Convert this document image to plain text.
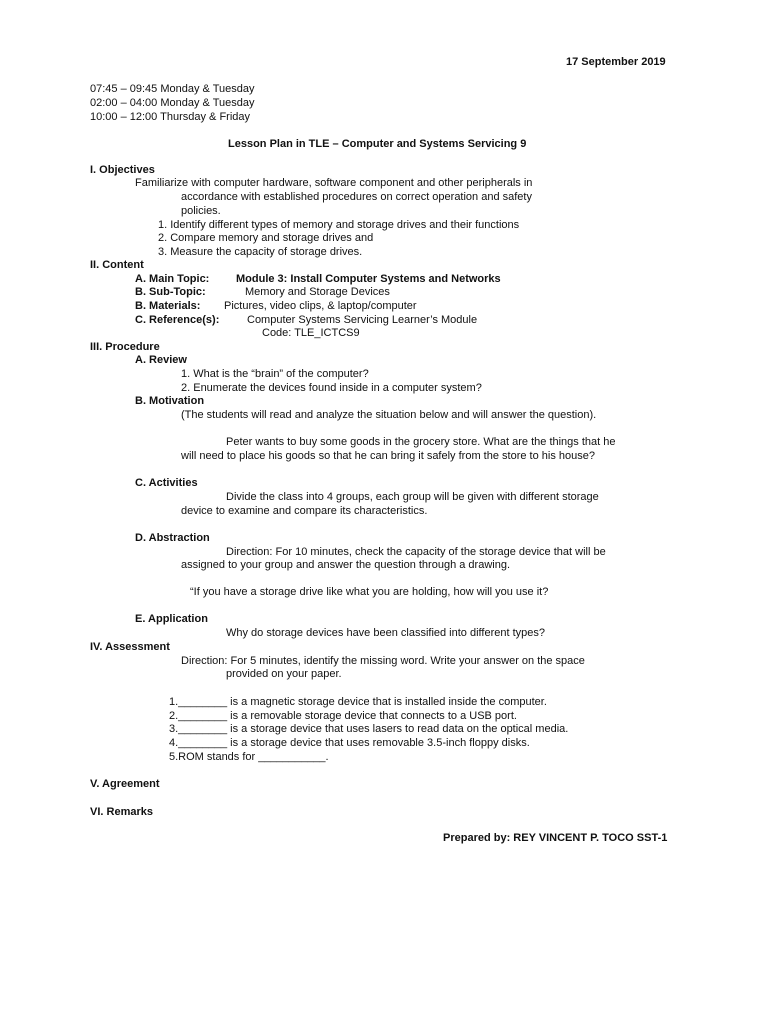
17 September 2019
07:45 – 09:45 Monday & Tuesday
02:00 – 04:00 Monday & Tuesday
10:00 – 12:00 Thursday & Friday
Lesson Plan in TLE – Computer and Systems Servicing 9
I. Objectives
Familiarize with computer hardware, software component and other peripherals in
accordance with established procedures on correct operation and safety
policies.
1. Identify different types of memory and storage drives and their functions
2. Compare memory and storage drives and
3. Measure the capacity of storage drives.
II. Content
A. Main Topic: Module 3: Install Computer Systems and Networks
B. Sub-Topic:	Memory and Storage Devices
B. Materials: Pictures, video clips, & laptop/computer
C. Reference(s):	Computer Systems Servicing Learner’s Module
Code: TLE_ICTCS9
III. Procedure
A. Review
1. What is the “brain” of the computer?
2. Enumerate the devices found inside in a computer system?
B. Motivation
(The students will read and analyze the situation below and will answer the question).
Peter wants to buy some goods in the grocery store. What are the things that he
will need to place his goods so that he can bring it safely from the store to his house?
C. Activities
Divide the class into 4 groups, each group will be given with different storage
device to examine and compare its characteristics.
D. Abstraction
Direction: For 10 minutes, check the capacity of the storage device that will be
assigned to your group and answer the question through a drawing.
“If you have a storage drive like what you are holding, how will you use it?
E. Application
Why do storage devices have been classified into different types?
IV. Assessment
Direction: For 5 minutes, identify the missing word. Write your answer on the space
provided on your paper.
1.________ is a magnetic storage device that is installed inside the computer.
2.________ is a removable storage device that connects to a USB port.
3.________ is a storage device that uses lasers to read data on the optical media.
4.________ is a storage device that uses removable 3.5-inch floppy disks.
5.ROM stands for ___________.
V. Agreement
VI. Remarks
Prepared by: REY VINCENT P. TOCO SST-1
